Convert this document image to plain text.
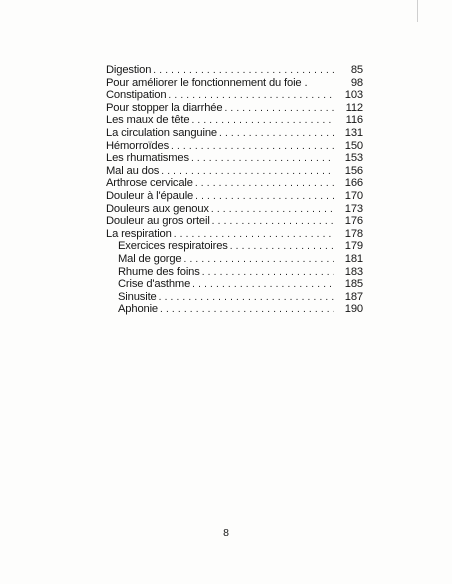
Digestion . . .	85
Pour améliorer le fonctionnement du foie .	98
Constipation . . .	103
Pour stopper la diarrhée . . .	112
Les maux de tête . . .	116
La circulation sanguine . . .	131
Hémorroïdes . . .	150
Les rhumatismes . . .	153
Mal au dos . . .	156
Arthrose cervicale . . .	166
Douleur à l'épaule . . .	170
Douleurs aux genoux . . .	173
Douleur au gros orteil . . .	176
La respiration . . .	178
Exercices respiratoires . . .	179
Mal de gorge . . .	181
Rhume des foins . . .	183
Crise d'asthme . . .	185
Sinusite . . .	187
Aphonie . . .	190
8
